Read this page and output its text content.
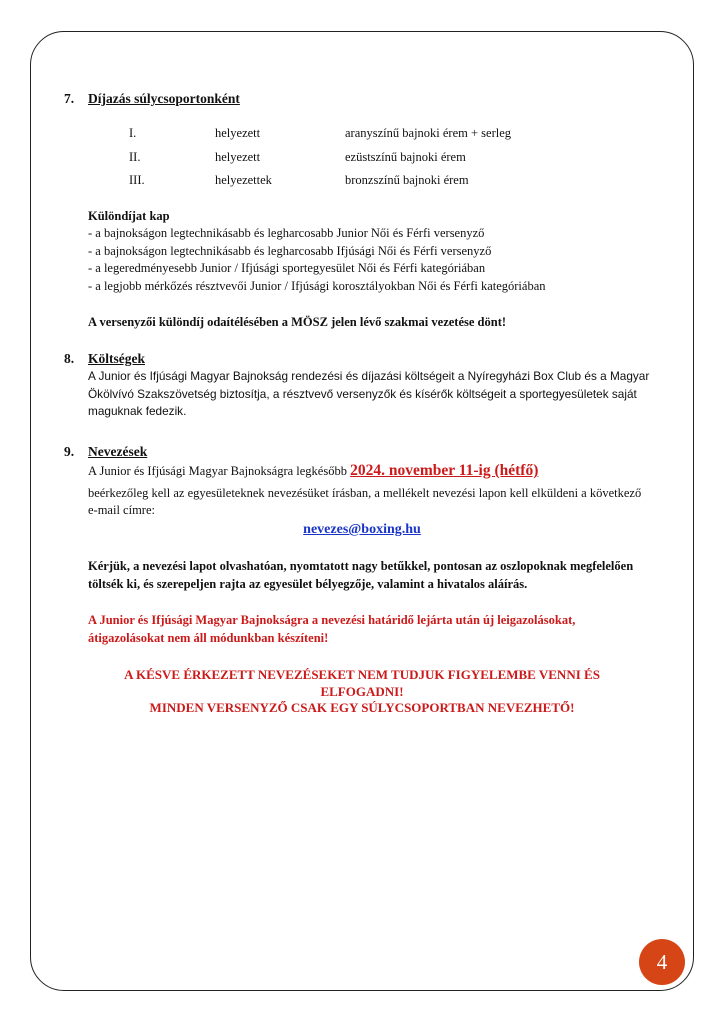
7. Díjazás súlycsoportonként
I.	helyezett	aranyszínű bajnoki érem + serleg
II.	helyezett	ezüstszínű bajnoki érem
III.	helyezettek	bronzszínű bajnoki érem
Különdíjat kap
- a bajnokságon legtechnikásabb és legharcosabb Junior Női és Férfi versenyző
- a bajnokságon legtechnikásabb és legharcosabb Ifjúsági Női és Férfi versenyző
- a legeredményesebb Junior / Ifjúsági sportegyesület Női és Férfi kategóriában
- a legjobb mérkőzés résztvevői Junior / Ifjúsági korosztályokban Női és Férfi kategóriában
A versenyzői különdíj odaítélésében a MÖSZ jelen lévő szakmai vezetése dönt!
8. Költségek
A Junior és Ifjúsági Magyar Bajnokság rendezési és díjazási költségeit a Nyíregyházi Box Club és a Magyar Ökölvívó Szakszövetség biztosítja, a résztvevő versenyzők és kísérők költségeit a sportegyesületek saját maguknak fedezik.
9. Nevezések
A Junior és Ifjúsági Magyar Bajnokságra legkésőbb 2024. november 11-ig (hétfő)
beérkezőleg kell az egyesületeknek nevezésüket írásban, a mellékelt nevezési lapon kell elküldeni a következő e-mail címre:
nevezes@boxing.hu
Kérjük, a nevezési lapot olvashatóan, nyomtatott nagy betűkkel, pontosan az oszlopoknak megfelelően töltsék ki, és szerepeljen rajta az egyesület bélyegzője, valamint a hivatalos aláírás.
A Junior és Ifjúsági Magyar Bajnokságra a nevezési határidő lejárta után új leigazolásokat, átigazolásokat nem áll módunkban készíteni!
A KÉSVE ÉRKEZETT NEVEZÉSEKET NEM TUDJUK FIGYELEMBE VENNI ÉS
ELFOGADNI!
MINDEN VERSENYZŐ CSAK EGY SÚLYCSOPORTBAN NEVEZHETŐ!
4
